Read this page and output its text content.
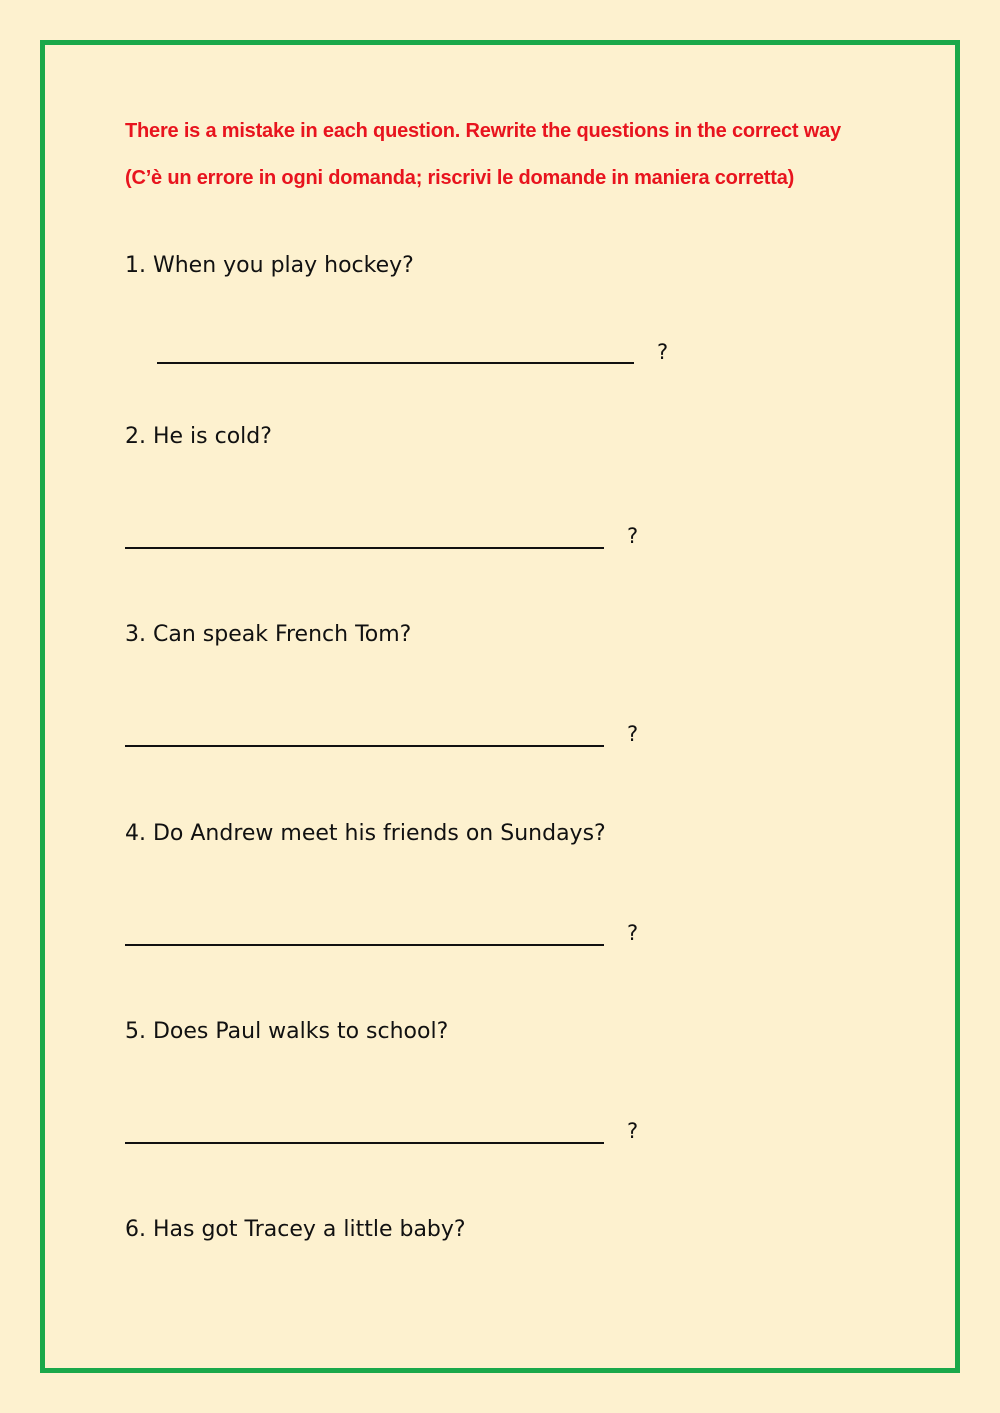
There is a mistake in each question. Rewrite the questions in the correct way
(C’è un errore in ogni domanda; riscrivi le domande in maniera corretta)
1. When you play hockey?
?
2. He is cold?
?
3. Can speak French Tom?
?
4. Do Andrew meet his friends on Sundays?
?
5. Does Paul walks to school?
?
6. Has got Tracey a little baby?
